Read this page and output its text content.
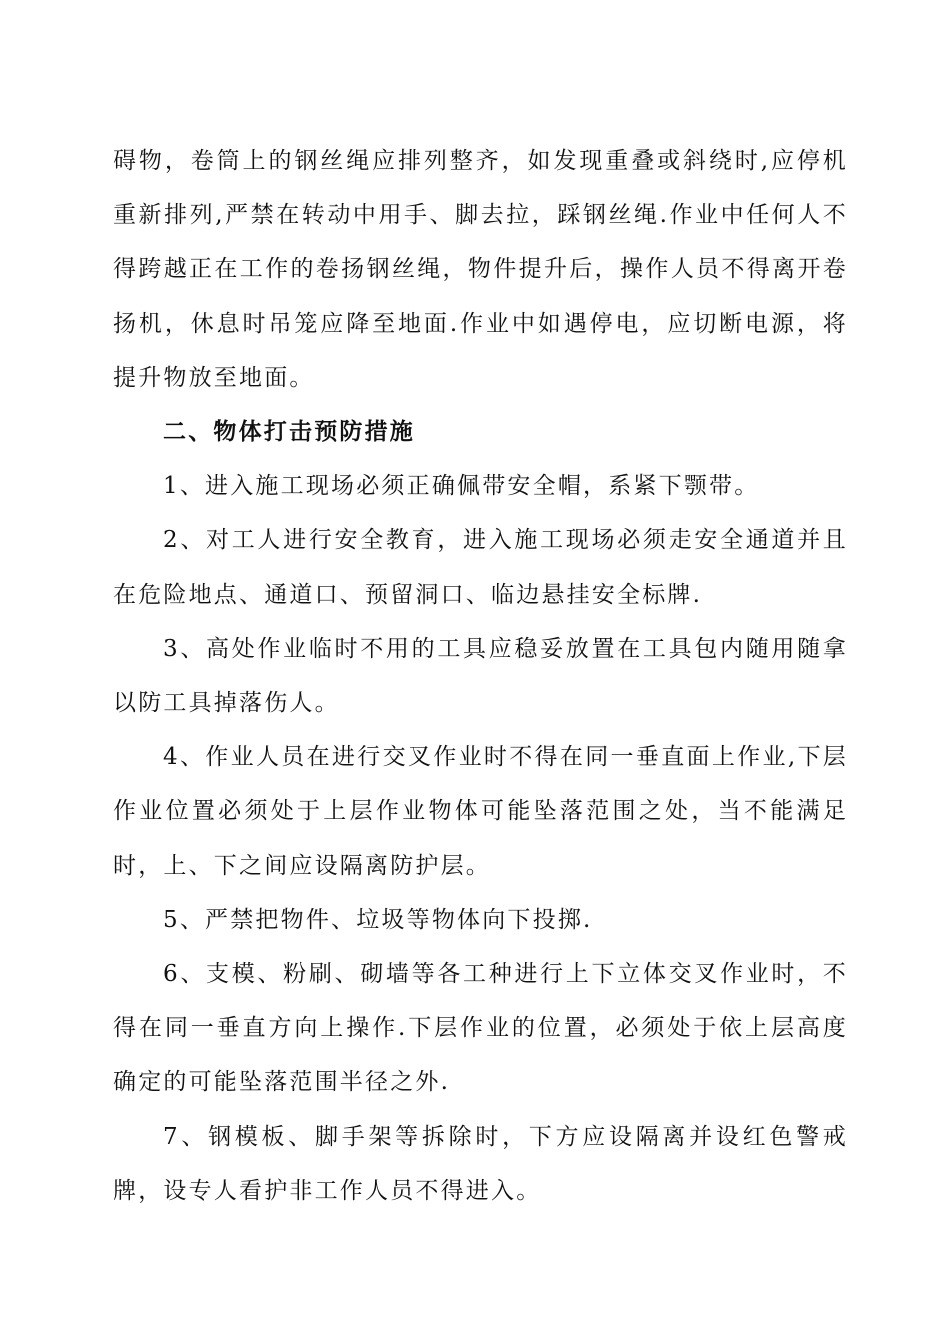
碍物，卷筒上的钢丝绳应排列整齐，如发现重叠或斜绕时,应停机重新排列,严禁在转动中用手、脚去拉，踩钢丝绳.作业中任何人不得跨越正在工作的卷扬钢丝绳，物件提升后，操作人员不得离开卷扬机，休息时吊笼应降至地面.作业中如遇停电，应切断电源，将提升物放至地面。

二、物体打击预防措施

1、进入施工现场必须正确佩带安全帽，系紧下颚带。

2、对工人进行安全教育，进入施工现场必须走安全通道并且在危险地点、通道口、预留洞口、临边悬挂安全标牌.

3、高处作业临时不用的工具应稳妥放置在工具包内随用随拿以防工具掉落伤人。

4、作业人员在进行交叉作业时不得在同一垂直面上作业,下层作业位置必须处于上层作业物体可能坠落范围之处，当不能满足时，上、下之间应设隔离防护层。

5、严禁把物件、垃圾等物体向下投掷.

6、支模、粉刷、砌墙等各工种进行上下立体交叉作业时，不得在同一垂直方向上操作.下层作业的位置，必须处于依上层高度确定的可能坠落范围半径之外.

7、钢模板、脚手架等拆除时，下方应设隔离并设红色警戒牌，设专人看护非工作人员不得进入。
